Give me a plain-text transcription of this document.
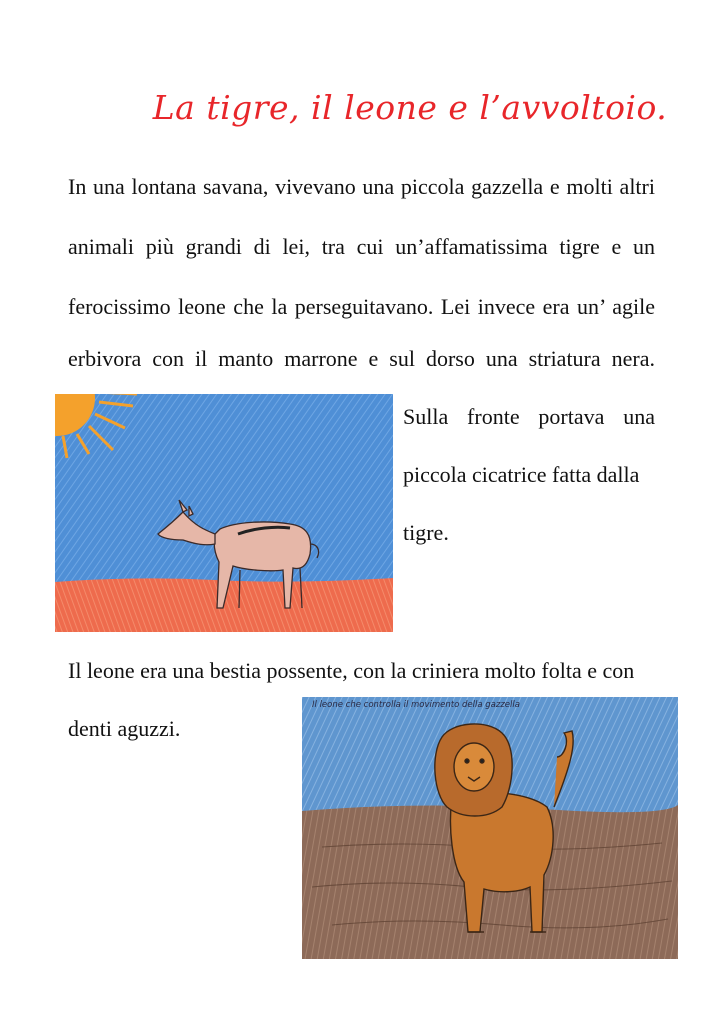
La tigre, il leone e l’avvoltoio.
In una lontana savana, vivevano una piccola gazzella e molti altri
animali più grandi di lei, tra cui un’affamatissima tigre e un
ferocissimo leone che la perseguitavano. Lei invece era un’ agile
erbivora con il manto marrone e sul dorso una striatura nera.
Sulla fronte portava una
piccola cicatrice fatta dalla
tigre.
Il leone era una bestia possente, con la criniera molto folta e con
denti aguzzi.
Il leone che controlla il movimento della gazzella
